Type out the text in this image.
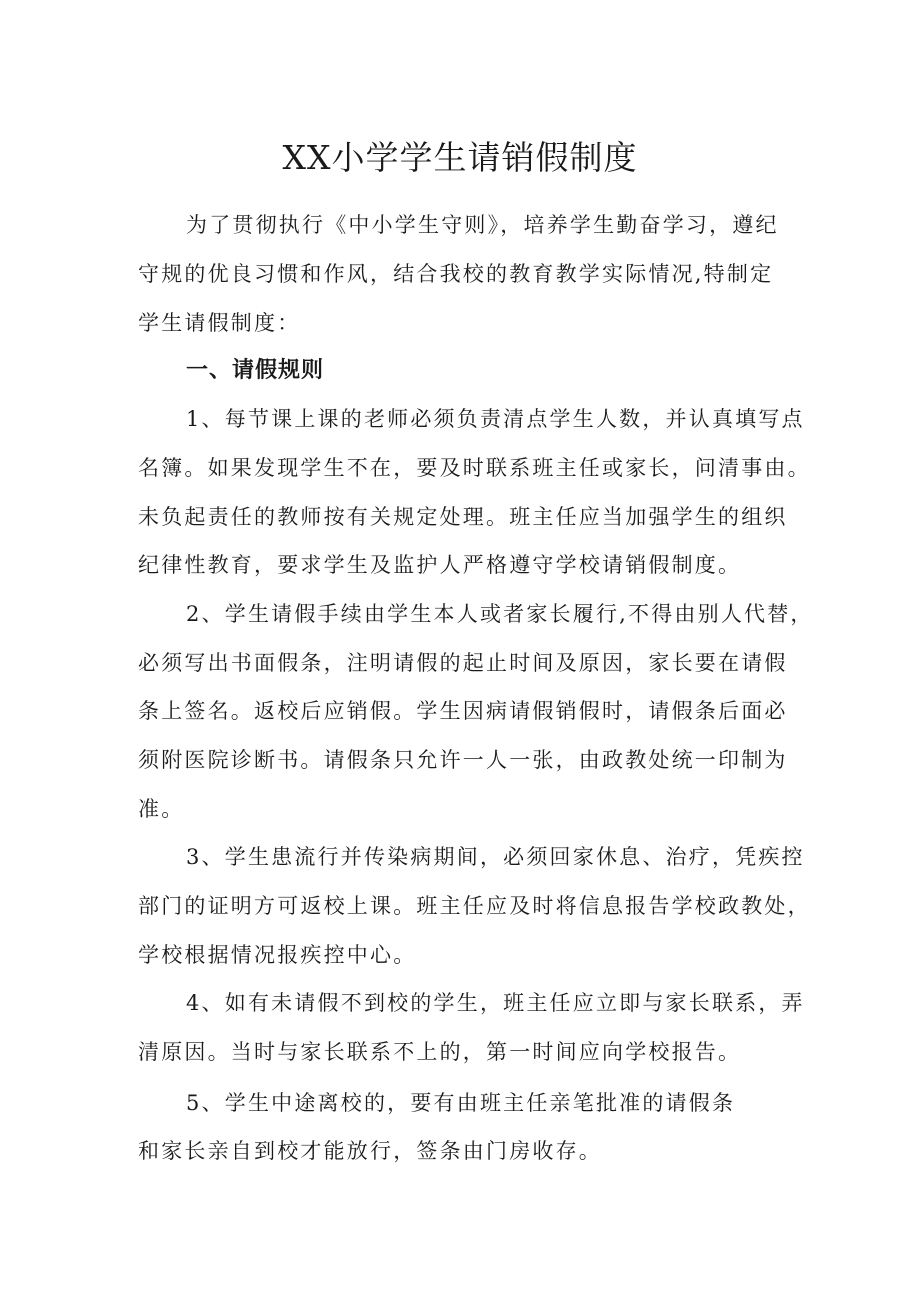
XX小学学生请销假制度
为了贯彻执行《中小学生守则》，培养学生勤奋学习，遵纪
守规的优良习惯和作风，结合我校的教育教学实际情况,特制定
学生请假制度：
一、请假规则
1、每节课上课的老师必须负责清点学生人数，并认真填写点
名簿。如果发现学生不在，要及时联系班主任或家长，问清事由。
未负起责任的教师按有关规定处理。班主任应当加强学生的组织
纪律性教育，要求学生及监护人严格遵守学校请销假制度。
2、学生请假手续由学生本人或者家长履行,不得由别人代替，
必须写出书面假条，注明请假的起止时间及原因，家长要在请假
条上签名。返校后应销假。学生因病请假销假时，请假条后面必
须附医院诊断书。请假条只允许一人一张，由政教处统一印制为
准。
3、学生患流行并传染病期间，必须回家休息、治疗，凭疾控
部门的证明方可返校上课。班主任应及时将信息报告学校政教处，
学校根据情况报疾控中心。
4、如有未请假不到校的学生，班主任应立即与家长联系，弄
清原因。当时与家长联系不上的，第一时间应向学校报告。
5、学生中途离校的，要有由班主任亲笔批准的请假条
和家长亲自到校才能放行，签条由门房收存。
